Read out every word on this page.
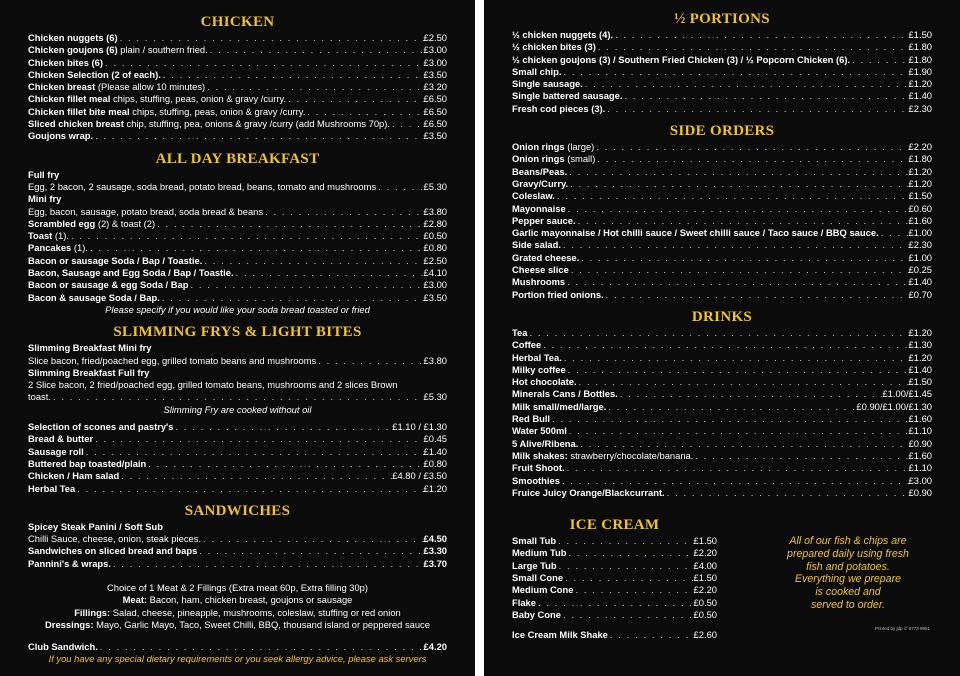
CHICKEN
Chicken nuggets (6) . . .	£2.50
Chicken goujons (6) plain / southern fried. . . .	£3.00
Chicken bites (6) . . .	£3.00
Chicken Selection (2 of each). . . .	£3.50
Chicken breast (Please allow 10 minutes) . . .	£3.20
Chicken fillet meal chips, stuffing, peas, onion & gravy /curry. . . .	£6.50
Chicken fillet bite meal chips, stuffing, peas, onion & gravy /curry. . . .	£6.50
Sliced chicken breast chip, stuffing, pea, onions & gravy /curry (add Mushrooms 70p). . . .	£6.50
Goujons wrap. . . .	£3.50
ALL DAY BREAKFAST
Full fry
Egg, 2 bacon, 2 sausage, soda bread, potato bread, beans, tomato and mushrooms . . .	£5.30
Mini fry
Egg, bacon, sausage, potato bread, soda bread & beans . . .	£3.80
Scrambled egg (2) & toast (2) . . .	£2.80
Toast (1). . . .	£0.50
Pancakes (1). . . .	£0.80
Bacon or sausage Soda / Bap / Toastie. . . .	£2.50
Bacon, Sausage and Egg Soda / Bap / Toastie. . . .	£4.10
Bacon or sausage & egg Soda / Bap . . .	£3.00
Bacon & sausage Soda / Bap. . . .	£3.50
Please specify if you would like your soda bread toasted or fried
SLIMMING FRYS & LIGHT BITES
Slimming Breakfast Mini fry
Slice bacon, fried/poached egg, grilled tomato beans and mushrooms . . .	£3.80
Slimming Breakfast Full fry
2 Slice bacon, 2 fried/poached egg, grilled tomato beans, mushrooms and 2 slices Brown
toast. . . .	£5.30
Slimming Fry are cooked without oil
Selection of scones and pastry's . . .	£1.10 / £1.30
Bread & butter . . .	£0.45
Sausage roll . . .	£1.40
Buttered bap toasted/plain . . .	£0.80
Chicken / Ham salad . . .	£4.80 / £3.50
Herbal Tea . . .	£1.20
SANDWICHES
Spicey Steak Panini / Soft Sub
Chilli Sauce, cheese, onion, steak pieces. . . .	£4.50
Sandwiches on sliced bread and baps . . .	£3.30
Pannini's & wraps. . . .	£3.70
Choice of 1 Meat & 2 Fillings (Extra meat 60p, Extra filling 30p)
Meat: Bacon, ham, chicken breast, goujons or sausage
Fillings: Salad, cheese, pineapple, mushrooms, coleslaw, stuffing or red onion
Dressings: Mayo, Garlic Mayo, Taco, Sweet Chilli, BBQ, thousand island or peppered sauce
Club Sandwich. . . .	£4.20
If you have any special dietary requirements or you seek allergy advice, please ask servers
½ PORTIONS
½ chicken nuggets (4). . . .	£1.50
½ chicken bites (3) . . .	£1.80
½ chicken goujons (3) / Southern Fried Chicken (3) / ½ Popcorn Chicken (6). . . .	£1.80
Small chip. . . .	£1.90
Single sausage. . . .	£1.20
Single battered sausage. . . .	£1.40
Fresh cod pieces (3). . . .	£2.30
SIDE ORDERS
Onion rings (large) . . .	£2.20
Onion rings (small) . . .	£1.80
Beans/Peas. . . .	£1.20
Gravy/Curry. . . .	£1.20
Coleslaw. . . .	£1.50
Mayonnaise . . .	£0.60
Pepper sauce. . . .	£1.60
Garlic mayonnaise / Hot chilli sauce / Sweet chilli sauce / Taco sauce / BBQ sauce. . . .	£1.00
Side salad. . . .	£2.30
Grated cheese. . . .	£1.00
Cheese slice . . .	£0.25
Mushrooms . . .	£1.40
Portion fried onions. . . .	£0.70
DRINKS
Tea . . .	£1.20
Coffee . . .	£1.30
Herbal Tea. . . .	£1.20
Milky coffee . . .	£1.40
Hot chocolate. . . .	£1.50
Minerals Cans / Bottles. . . .	£1.00/£1.45
Milk small/med/large. . . .	£0.90/£1.00/£1.30
Red Bull . . .	£1.60
Water 500ml . . .	£1.10
5 Alive/Ribena. . . .	£0.90
Milk shakes: strawberry/chocolate/banana. . . .	£1.60
Fruit Shoot. . . .	£1.10
Smoothies . . .	£3.00
Fruice Juicy Orange/Blackcurrant. . . .	£0.90
ICE CREAM
Small Tub . . .	£1.50
Medium Tub . . .	£2.20
Large Tub . . .	£4.00
Small Cone . . .	£1.50
Medium Cone . . .	£2.20
Flake . . .	£0.50
Baby Cone . . .	£0.50
Ice Cream Milk Shake . . .	£2.60
All of our fish & chips are
prepared daily using fresh
fish and potatoes.
Everything we prepare
is cooked and
served to order.
Printed by jdp ✆ 8773 9951
